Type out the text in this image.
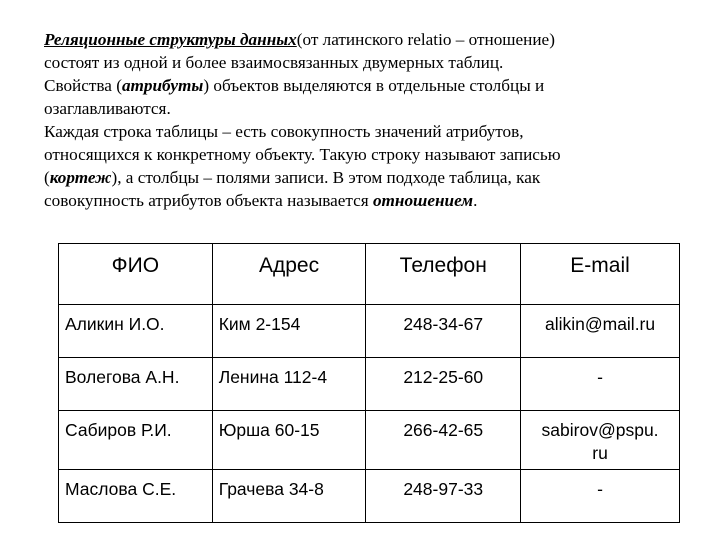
Реляционные структуры данных(от латинского relatio – отношение)
состоят из одной и более взаимосвязанных двумерных таблиц.
Свойства (атрибуты) объектов выделяются в отдельные столбцы и
озаглавливаются.
Каждая строка таблицы – есть совокупность значений атрибутов,
относящихся к конкретному объекту. Такую строку называют записью
(кортеж), а столбцы – полями записи. В этом подходе таблица, как
совокупность атрибутов объекта называется отношением.
ФИО	Адрес	Телефон	E-mail
Аликин И.О.	Ким 2-154	248-34-67	alikin@mail.ru
Волегова А.Н.	Ленина 112-4	212-25-60	-
Сабиров Р.И.	Юрша 60-15	266-42-65	sabirov@pspu.
ru
Маслова С.Е.	Грачева 34-8	248-97-33	-
